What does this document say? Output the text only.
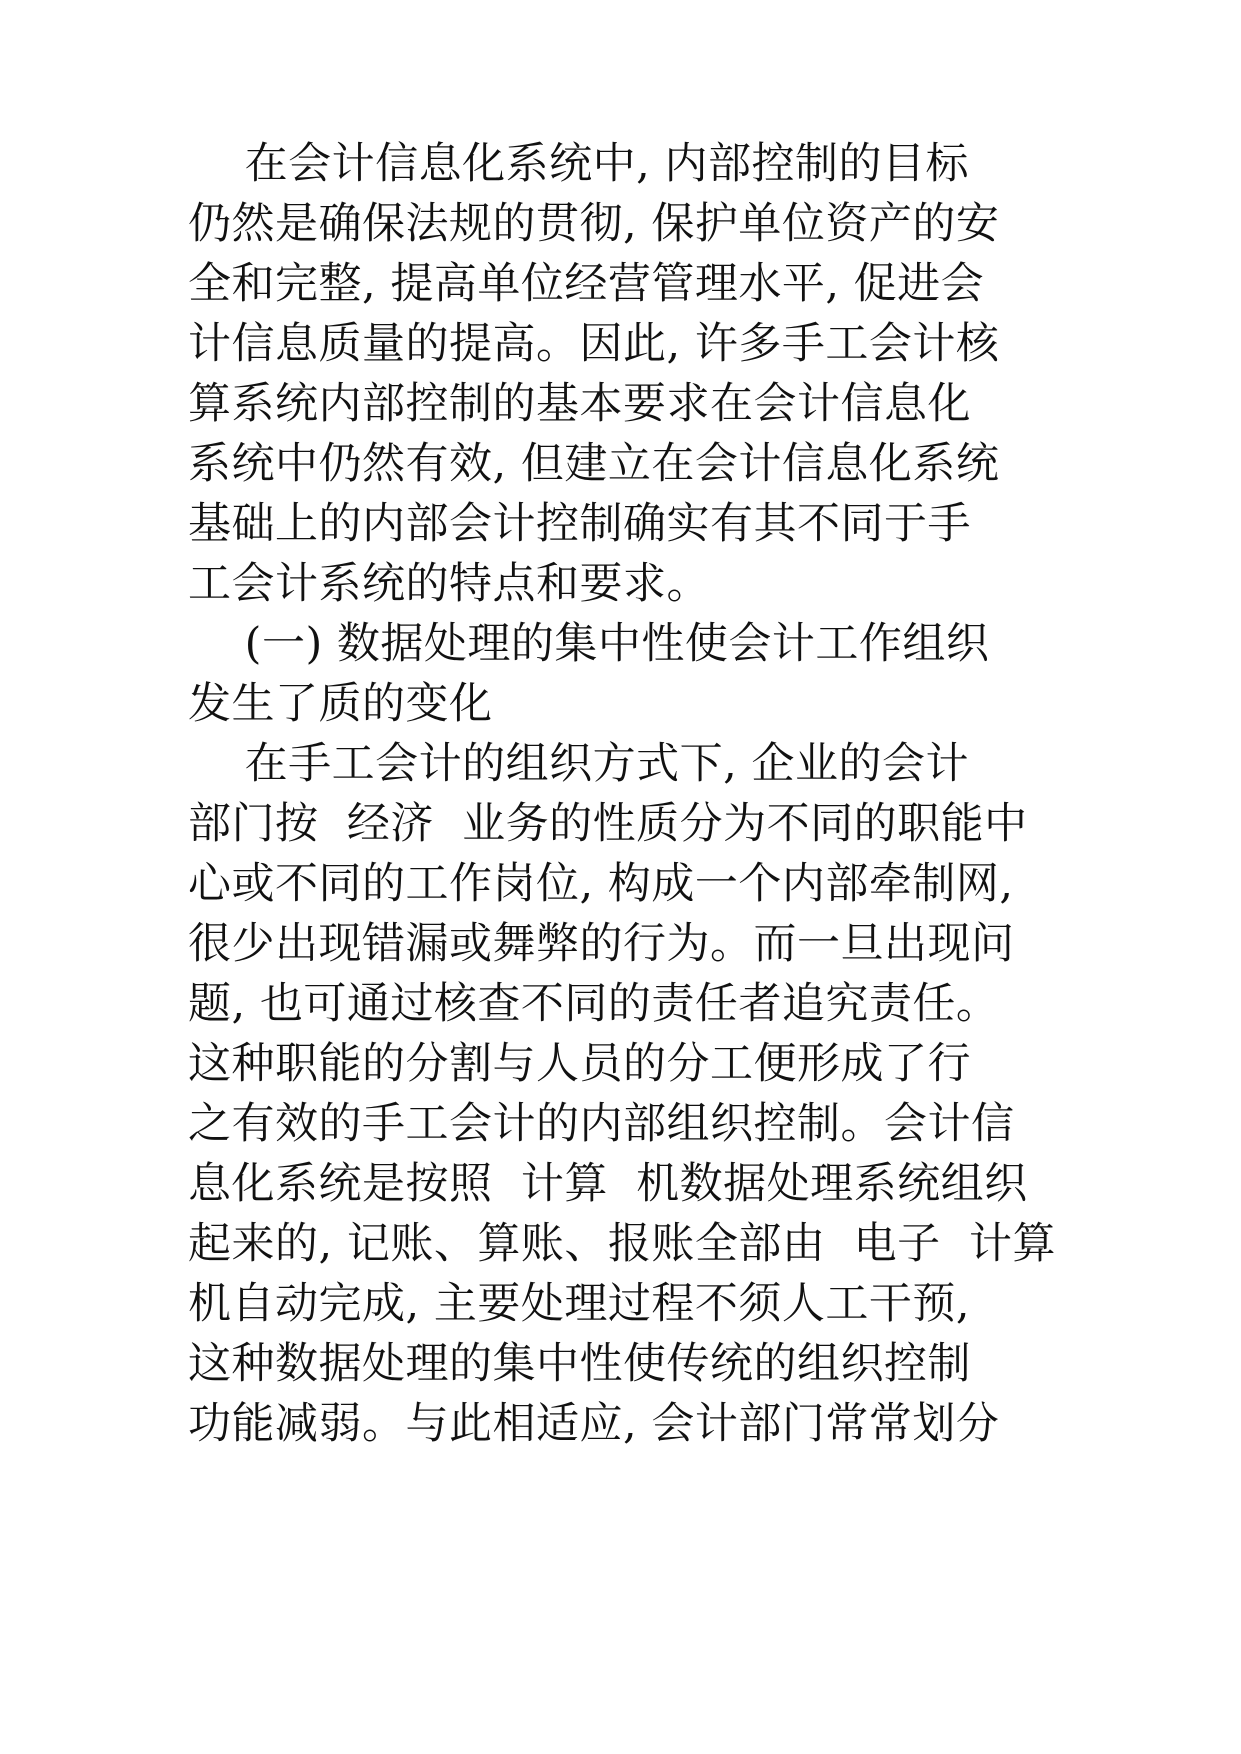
在会计信息化系统中, 内部控制的目标
仍然是确保法规的贯彻, 保护单位资产的安
全和完整, 提高单位经营管理水平, 促进会
计信息质量的提高。因此, 许多手工会计核
算系统内部控制的基本要求在会计信息化
系统中仍然有效, 但建立在会计信息化系统
基础上的内部会计控制确实有其不同于手
工会计系统的特点和要求。
(一) 数据处理的集中性使会计工作组织
发生了质的变化
在手工会计的组织方式下, 企业的会计
部门按  经济  业务的性质分为不同的职能中
心或不同的工作岗位, 构成一个内部牵制网,
很少出现错漏或舞弊的行为。而一旦出现问
题, 也可通过核查不同的责任者追究责任。
这种职能的分割与人员的分工便形成了行
之有效的手工会计的内部组织控制。会计信
息化系统是按照  计算  机数据处理系统组织
起来的, 记账、算账、报账全部由  电子  计算
机自动完成, 主要处理过程不须人工干预,
这种数据处理的集中性使传统的组织控制
功能减弱。与此相适应, 会计部门常常划分
